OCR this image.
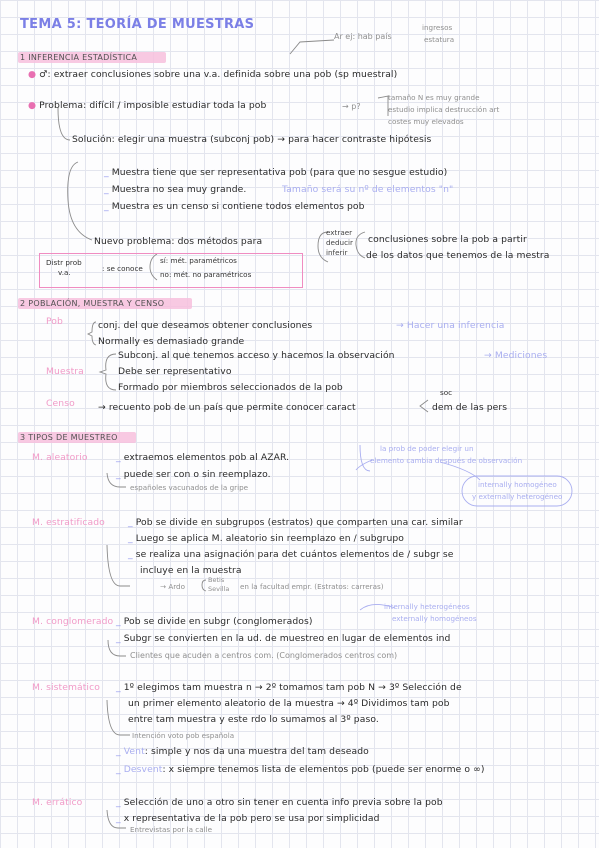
TEMA 5: TEORÍA DE MUESTRAS
Ar ej: hab país
ingresos
estatura
1 INFERENCIA ESTADÍSTICA
● ♂: extraer conclusiones sobre una v.a. definida sobre una pob (sp muestral)
● Problema: difícil / imposible estudiar toda la pob	→ p?
tamaño N es muy grande
estudio implica destrucción art
costes muy elevados
Solución: elegir una muestra (subconj pob) → para hacer contraste hipótesis
_ Muestra tiene que ser representativa pob (para que no sesgue estudio)
_ Muestra no sea muy grande.	Tamaño será su nº de elementos "n"
_ Muestra es un censo si contiene todos elementos pob
Nuevo problema: dos métodos para
extraer
deducir
inferir
conclusiones sobre la pob a partir
de los datos que tenemos de la mestra
Distr prob
v.a.	: se conoce
sí: mét. paramétricos
no: mét. no paramétricos
2 POBLACIÓN, MUESTRA Y CENSO
Pob	conj. del que deseamos obtener conclusiones	→ Hacer una inferencia
Normally es demasiado grande
Muestra
Subconj. al que tenemos acceso y hacemos la observación	→ Mediciones
Debe ser representativo
Formado por miembros seleccionados de la pob
Censo	→ recuento pob de un país que permite conocer caract
soc
dem de las pers
3 TIPOS DE MUESTREO
M. aleatorio	_ extraemos elementos pob al AZAR.
_ puede ser con o sin reemplazo.
españoles vacunados de la gripe
la prob de poder elegir un
elemento cambia después de observación
internally homogéneo
y externally heterogéneo
M. estratificado	_ Pob se divide en subgrupos (estratos) que comparten una car. similar
_ Luego se aplica M. aleatorio sin reemplazo en / subgrupo
_ se realiza una asignación para det cuántos elementos de / subgr se
incluye en la muestra
→ Ardo
Betis
Sevilla en la facultad empr. (Estratos: carreras)
M. conglomerado _ Pob se divide en subgr (conglomerados)
_ Subgr se convierten en la ud. de muestreo en lugar de elementos ind
Clientes que acuden a centros com. (Conglomerados centros com)
internally heterogéneos
externally homogéneos
M. sistemático _ 1º elegimos tam muestra n → 2º tomamos tam pob N → 3º Selección de
un primer elemento aleatorio de la muestra → 4º Dividimos tam pob
entre tam muestra y este rdo lo sumamos al 3º paso.
Intención voto pob española
_ Vent: simple y nos da una muestra del tam deseado
_ Desvent: x siempre tenemos lista de elementos pob (puede ser enorme o ∞)
M. errático	_ Selección de uno a otro sin tener en cuenta info previa sobre la pob
_ x representativa de la pob pero se usa por simplicidad
Entrevistas por la calle
